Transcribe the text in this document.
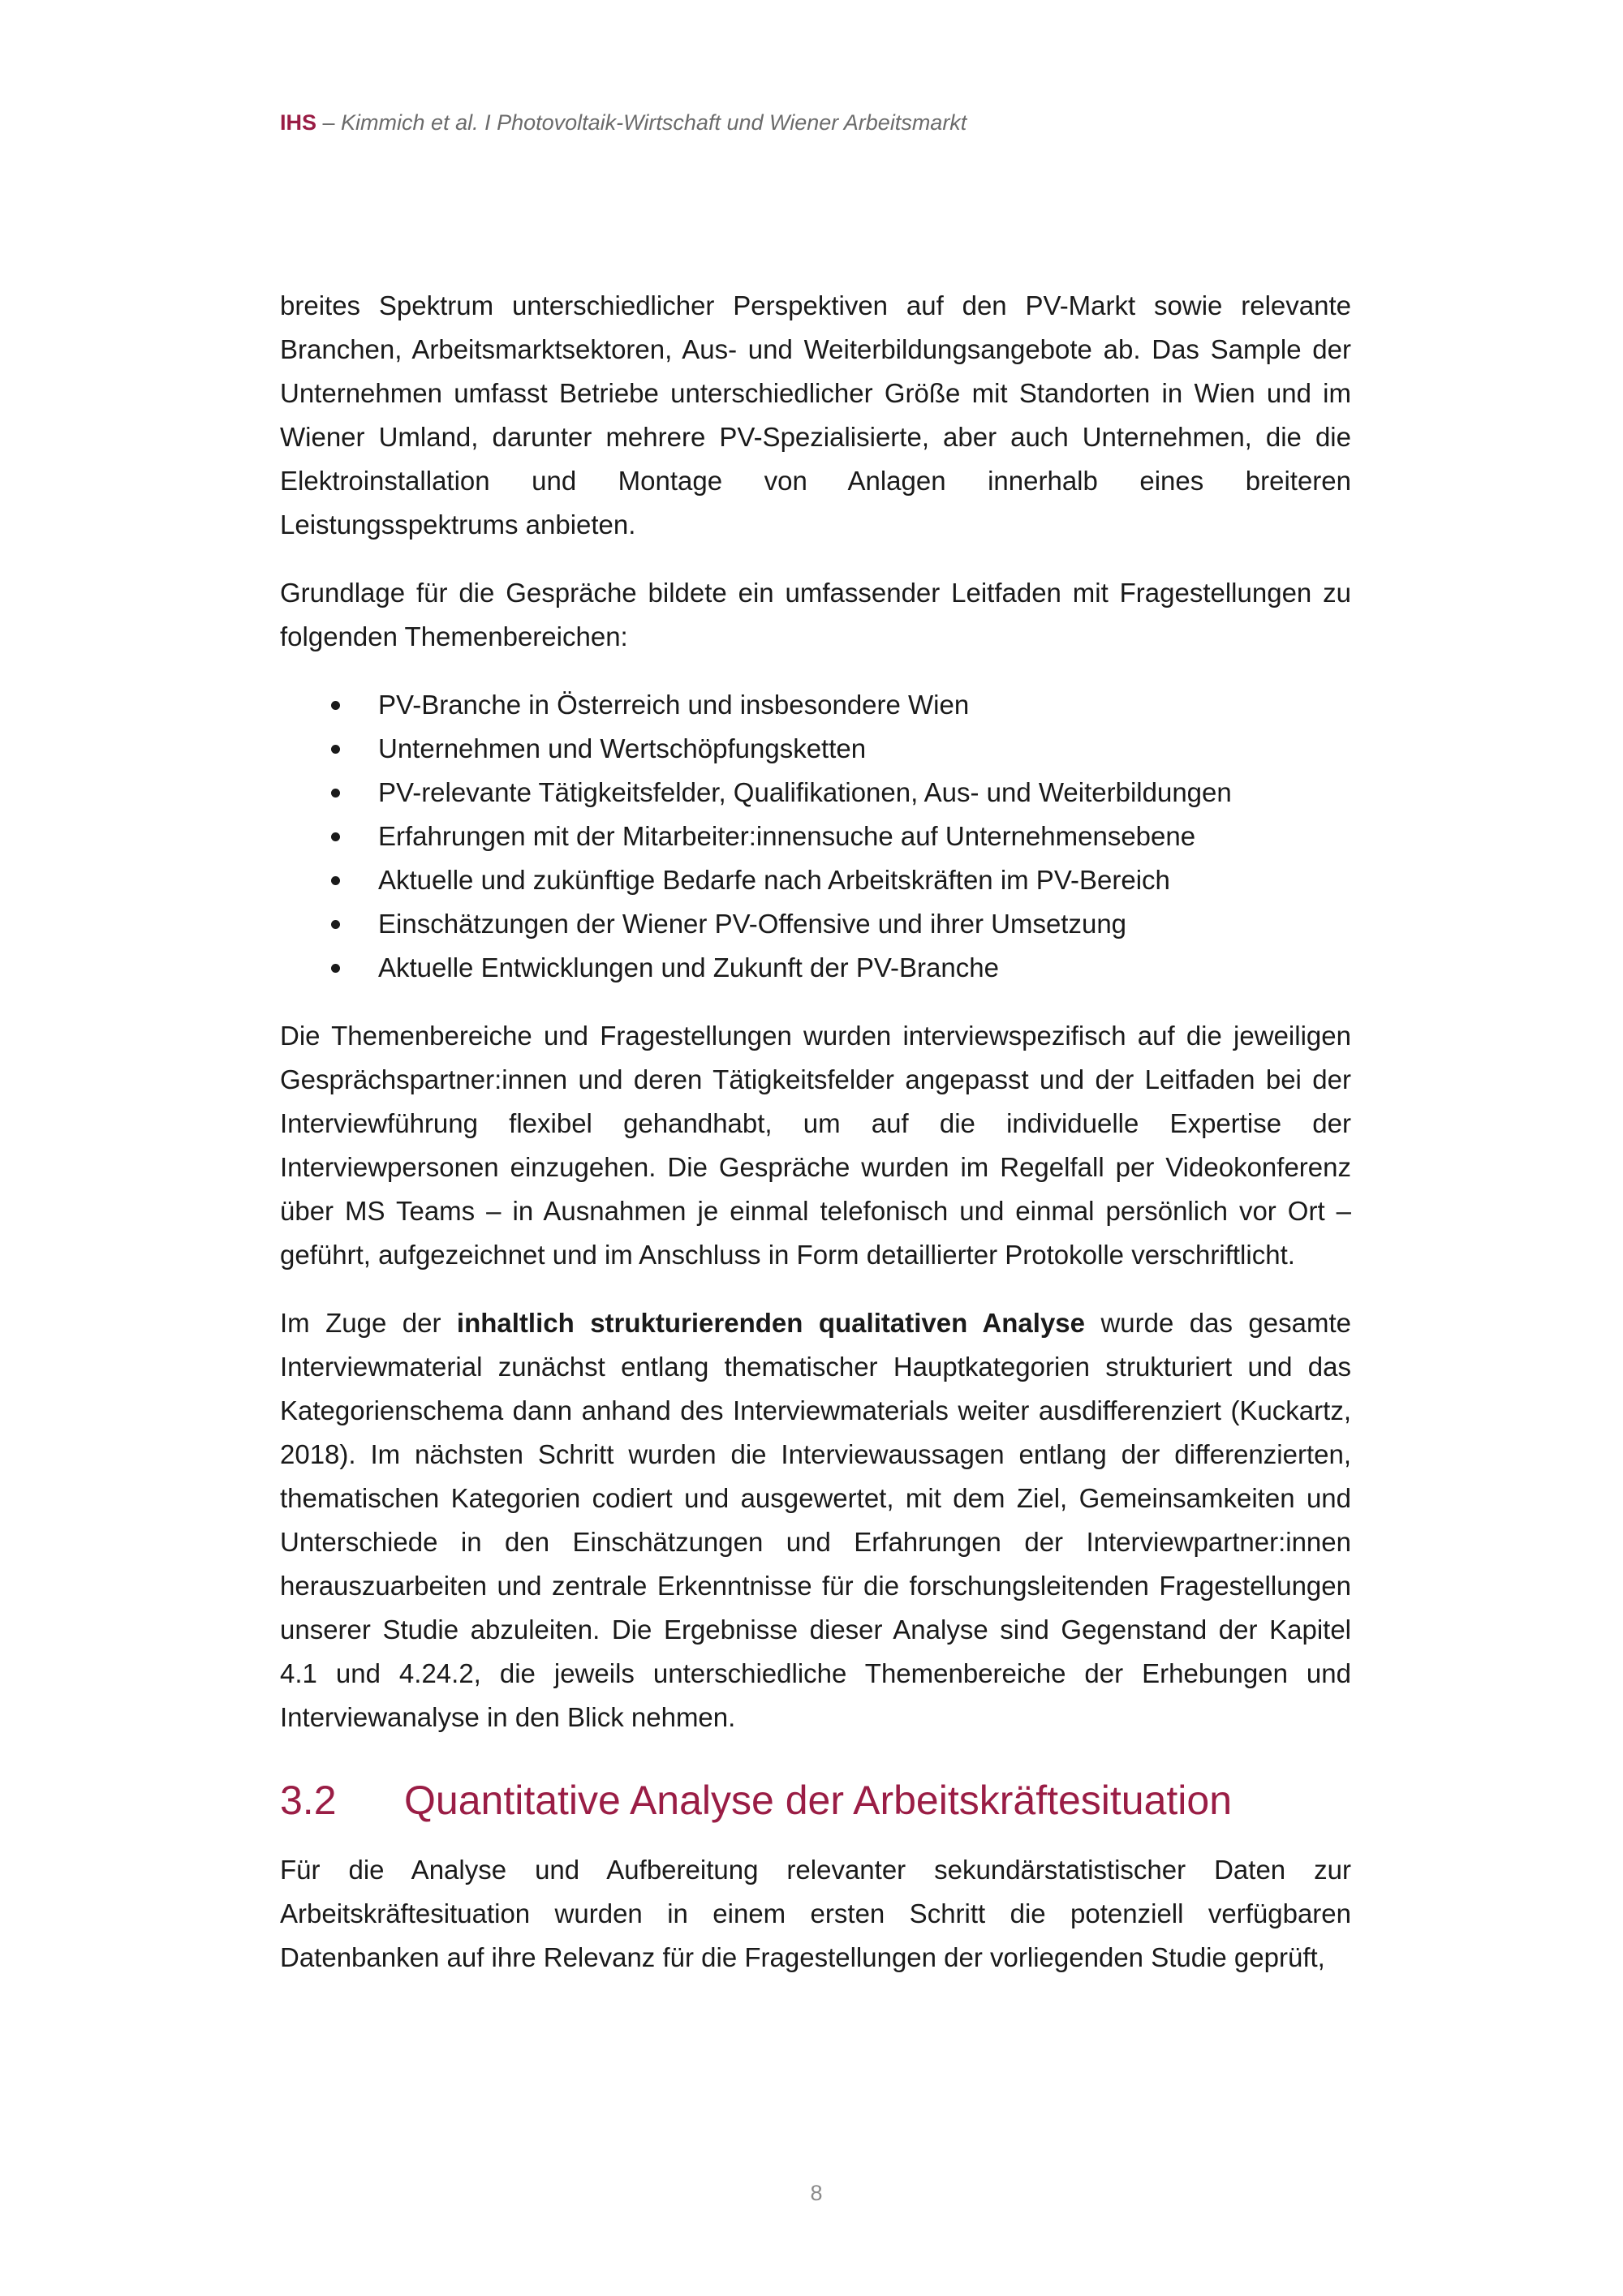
IHS – Kimmich et al. I Photovoltaik-Wirtschaft und Wiener Arbeitsmarkt

breites Spektrum unterschiedlicher Perspektiven auf den PV-Markt sowie relevante Branchen, Arbeitsmarktsektoren, Aus- und Weiterbildungsangebote ab. Das Sample der Unternehmen umfasst Betriebe unterschiedlicher Größe mit Standorten in Wien und im Wiener Umland, darunter mehrere PV-Spezialisierte, aber auch Unternehmen, die die Elektroinstallation und Montage von Anlagen innerhalb eines breiteren Leistungsspektrums anbieten.

Grundlage für die Gespräche bildete ein umfassender Leitfaden mit Fragestellungen zu folgenden Themenbereichen:

PV-Branche in Österreich und insbesondere Wien
Unternehmen und Wertschöpfungsketten
PV-relevante Tätigkeitsfelder, Qualifikationen, Aus- und Weiterbildungen
Erfahrungen mit der Mitarbeiter:innensuche auf Unternehmensebene
Aktuelle und zukünftige Bedarfe nach Arbeitskräften im PV-Bereich
Einschätzungen der Wiener PV-Offensive und ihrer Umsetzung
Aktuelle Entwicklungen und Zukunft der PV-Branche

Die Themenbereiche und Fragestellungen wurden interviewspezifisch auf die jeweiligen Gesprächspartner:innen und deren Tätigkeitsfelder angepasst und der Leitfaden bei der Interviewführung flexibel gehandhabt, um auf die individuelle Expertise der Interviewpersonen einzugehen. Die Gespräche wurden im Regelfall per Videokonferenz über MS Teams – in Ausnahmen je einmal telefonisch und einmal persönlich vor Ort – geführt, aufgezeichnet und im Anschluss in Form detaillierter Protokolle verschriftlicht.

Im Zuge der inhaltlich strukturierenden qualitativen Analyse wurde das gesamte Interviewmaterial zunächst entlang thematischer Hauptkategorien strukturiert und das Kategorienschema dann anhand des Interviewmaterials weiter ausdifferenziert (Kuckartz, 2018). Im nächsten Schritt wurden die Interviewaussagen entlang der differenzierten, thematischen Kategorien codiert und ausgewertet, mit dem Ziel, Gemeinsamkeiten und Unterschiede in den Einschätzungen und Erfahrungen der Interviewpartner:innen herauszuarbeiten und zentrale Erkenntnisse für die forschungsleitenden Fragestellungen unserer Studie abzuleiten. Die Ergebnisse dieser Analyse sind Gegenstand der Kapitel 4.1 und 4.24.2, die jeweils unterschiedliche Themenbereiche der Erhebungen und Interviewanalyse in den Blick nehmen.

3.2	Quantitative Analyse der Arbeitskräftesituation

Für die Analyse und Aufbereitung relevanter sekundärstatistischer Daten zur Arbeitskräftesituation wurden in einem ersten Schritt die potenziell verfügbaren Datenbanken auf ihre Relevanz für die Fragestellungen der vorliegenden Studie geprüft,

8
